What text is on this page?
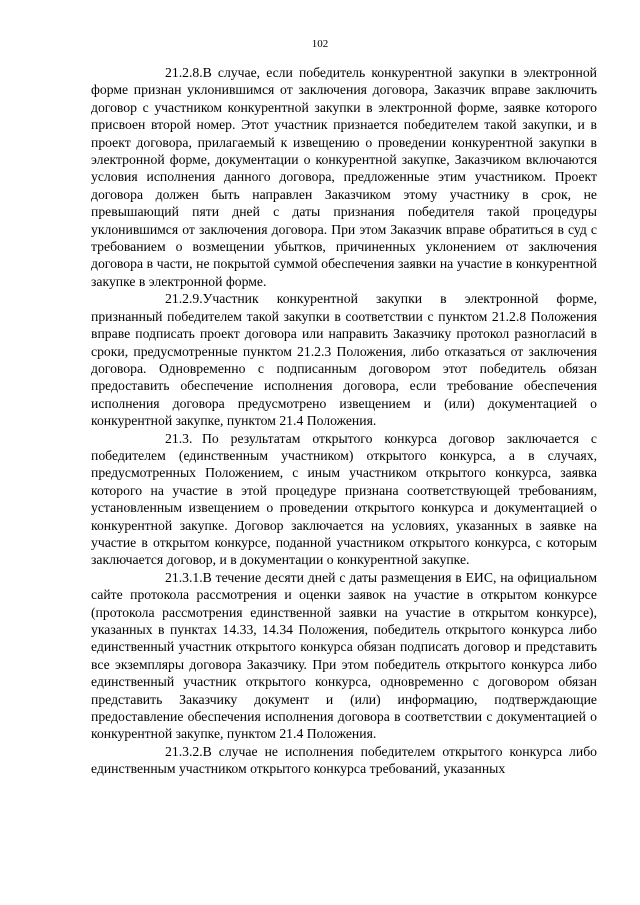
102

21.2.8.В случае, если победитель конкурентной закупки в электронной форме признан уклонившимся от заключения договора, Заказчик вправе заключить договор с участником конкурентной закупки в электронной форме, заявке которого присвоен второй номер. Этот участник признается победителем такой закупки, и в проект договора, прилагаемый к извещению о проведении конкурентной закупки в электронной форме, документации о конкурентной закупке, Заказчиком включаются условия исполнения данного договора, предложенные этим участником. Проект договора должен быть направлен Заказчиком этому участнику в срок, не превышающий пяти дней с даты признания победителя такой процедуры уклонившимся от заключения договора. При этом Заказчик вправе обратиться в суд с требованием о возмещении убытков, причиненных уклонением от заключения договора в части, не покрытой суммой обеспечения заявки на участие в конкурентной закупке в электронной форме.

21.2.9.Участник конкурентной закупки в электронной форме, признанный победителем такой закупки в соответствии с пунктом 21.2.8 Положения вправе подписать проект договора или направить Заказчику протокол разногласий в сроки, предусмотренные пунктом 21.2.3 Положения, либо отказаться от заключения договора. Одновременно с подписанным договором этот победитель обязан предоставить обеспечение исполнения договора, если требование обеспечения исполнения договора предусмотрено извещением и (или) документацией о конкурентной закупке, пунктом 21.4 Положения.

21.3. По результатам открытого конкурса договор заключается с победителем (единственным участником) открытого конкурса, а в случаях, предусмотренных Положением, с иным участником открытого конкурса, заявка которого на участие в этой процедуре признана соответствующей требованиям, установленным извещением о проведении открытого конкурса и документацией о конкурентной закупке. Договор заключается на условиях, указанных в заявке на участие в открытом конкурсе, поданной участником открытого конкурса, с которым заключается договор, и в документации о конкурентной закупке.

21.3.1.В течение десяти дней с даты размещения в ЕИС, на официальном сайте протокола рассмотрения и оценки заявок на участие в открытом конкурсе (протокола рассмотрения единственной заявки на участие в открытом конкурсе), указанных в пунктах 14.33, 14.34 Положения, победитель открытого конкурса либо единственный участник открытого конкурса обязан подписать договор и представить все экземпляры договора Заказчику. При этом победитель открытого конкурса либо единственный участник открытого конкурса, одновременно с договором обязан представить Заказчику документ и (или) информацию, подтверждающие предоставление обеспечения исполнения договора в соответствии с документацией о конкурентной закупке, пунктом 21.4 Положения.

21.3.2.В случае не исполнения победителем открытого конкурса либо единственным участником открытого конкурса требований, указанных
